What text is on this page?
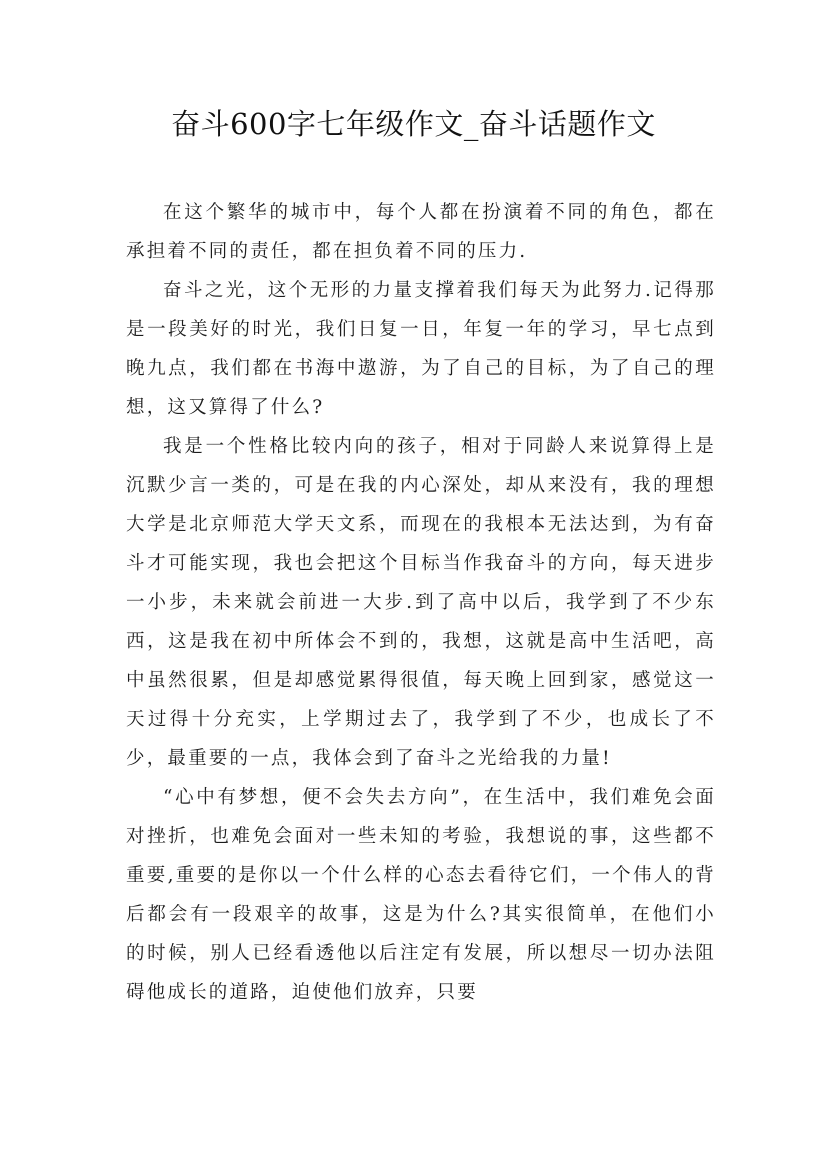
奋斗600字七年级作文_奋斗话题作文

在这个繁华的城市中，每个人都在扮演着不同的角色，都在承担着不同的责任，都在担负着不同的压力.

奋斗之光，这个无形的力量支撑着我们每天为此努力.记得那是一段美好的时光，我们日复一日，年复一年的学习，早七点到晚九点，我们都在书海中遨游，为了自己的目标，为了自己的理想，这又算得了什么?

我是一个性格比较内向的孩子，相对于同龄人来说算得上是沉默少言一类的，可是在我的内心深处，却从来没有，我的理想大学是北京师范大学天文系，而现在的我根本无法达到，为有奋斗才可能实现，我也会把这个目标当作我奋斗的方向，每天进步一小步，未来就会前进一大步.到了高中以后，我学到了不少东西，这是我在初中所体会不到的，我想，这就是高中生活吧，高中虽然很累，但是却感觉累得很值，每天晚上回到家，感觉这一天过得十分充实，上学期过去了，我学到了不少，也成长了不少，最重要的一点，我体会到了奋斗之光给我的力量!

“心中有梦想，便不会失去方向”，在生活中，我们难免会面对挫折，也难免会面对一些未知的考验，我想说的事，这些都不重要,重要的是你以一个什么样的心态去看待它们，一个伟人的背后都会有一段艰辛的故事，这是为什么?其实很简单，在他们小的时候，别人已经看透他以后注定有发展，所以想尽一切办法阻碍他成长的道路，迫使他们放弃，只要
